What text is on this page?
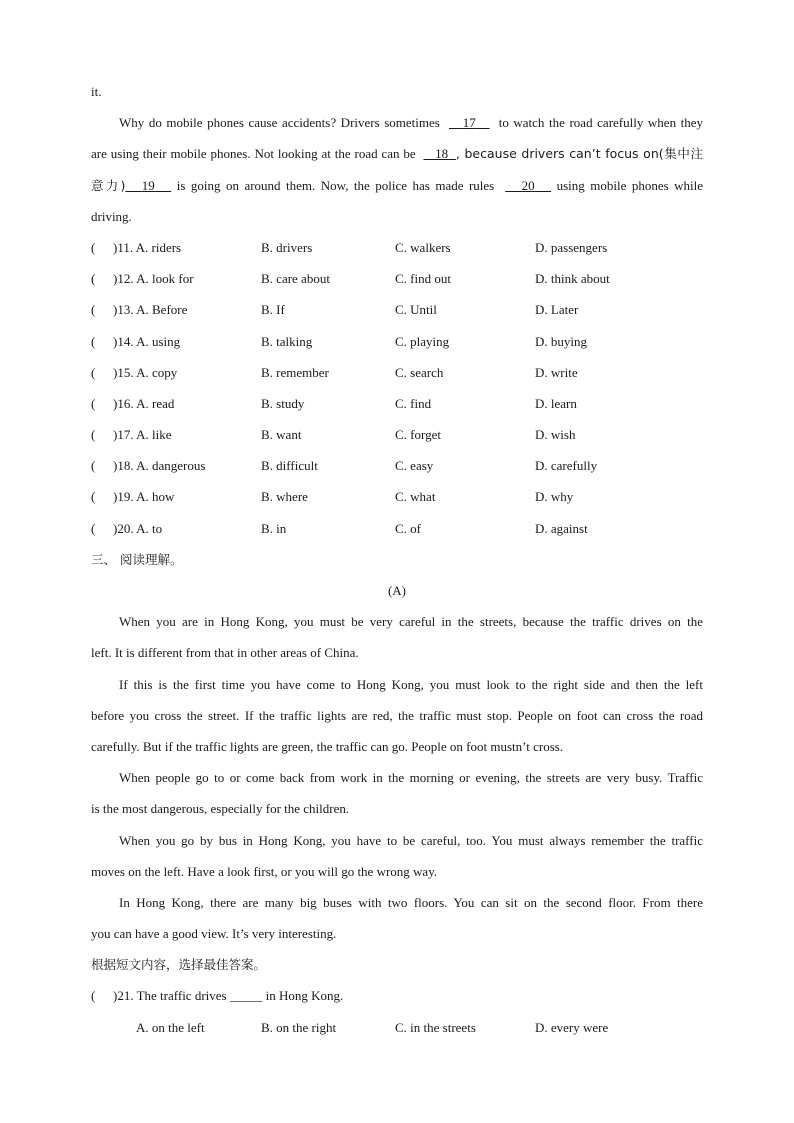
it.
Why do mobile phones cause accidents? Drivers sometimes 17 to watch the road carefully when they
are using their mobile phones. Not looking at the road can be 18 , because drivers can’t focus on(集中注
意力) 19 is going on around them. Now, the police has made rules 20 using mobile phones while
driving.
( )11. A. riders	B. drivers	C. walkers	D. passengers
( )12. A. look for	B. care about	C. find out	D. think about
( )13. A. Before	B. If	C. Until	D. Later
( )14. A. using	B. talking	C. playing	D. buying
( )15. A. copy	B. remember	C. search	D. write
( )16. A. read	B. study	C. find	D. learn
( )17. A. like	B. want	C. forget	D. wish
( )18. A. dangerous	B. difficult	C. easy	D. carefully
( )19. A. how	B. where	C. what	D. why
( )20. A. to	B. in	C. of	D. against
三、 阅读理解。
(A)
When you are in Hong Kong, you must be very careful in the streets, because the traffic drives on the
left. It is different from that in other areas of China.
If this is the first time you have come to Hong Kong, you must look to the right side and then the left
before you cross the street. If the traffic lights are red, the traffic must stop. People on foot can cross the road
carefully. But if the traffic lights are green, the traffic can go. People on foot mustn’t cross.
When people go to or come back from work in the morning or evening, the streets are very busy. Traffic
is the most dangerous, especially for the children.
When you go by bus in Hong Kong, you have to be careful, too. You must always remember the traffic
moves on the left. Have a look first, or you will go the wrong way.
In Hong Kong, there are many big buses with two floors. You can sit on the second floor. From there
you can have a good view. It’s very interesting.
根据短文内容，选择最佳答案。
( )21. The traffic drives _____ in Hong Kong.
A. on the left	B. on the right	C. in the streets	D. every were
